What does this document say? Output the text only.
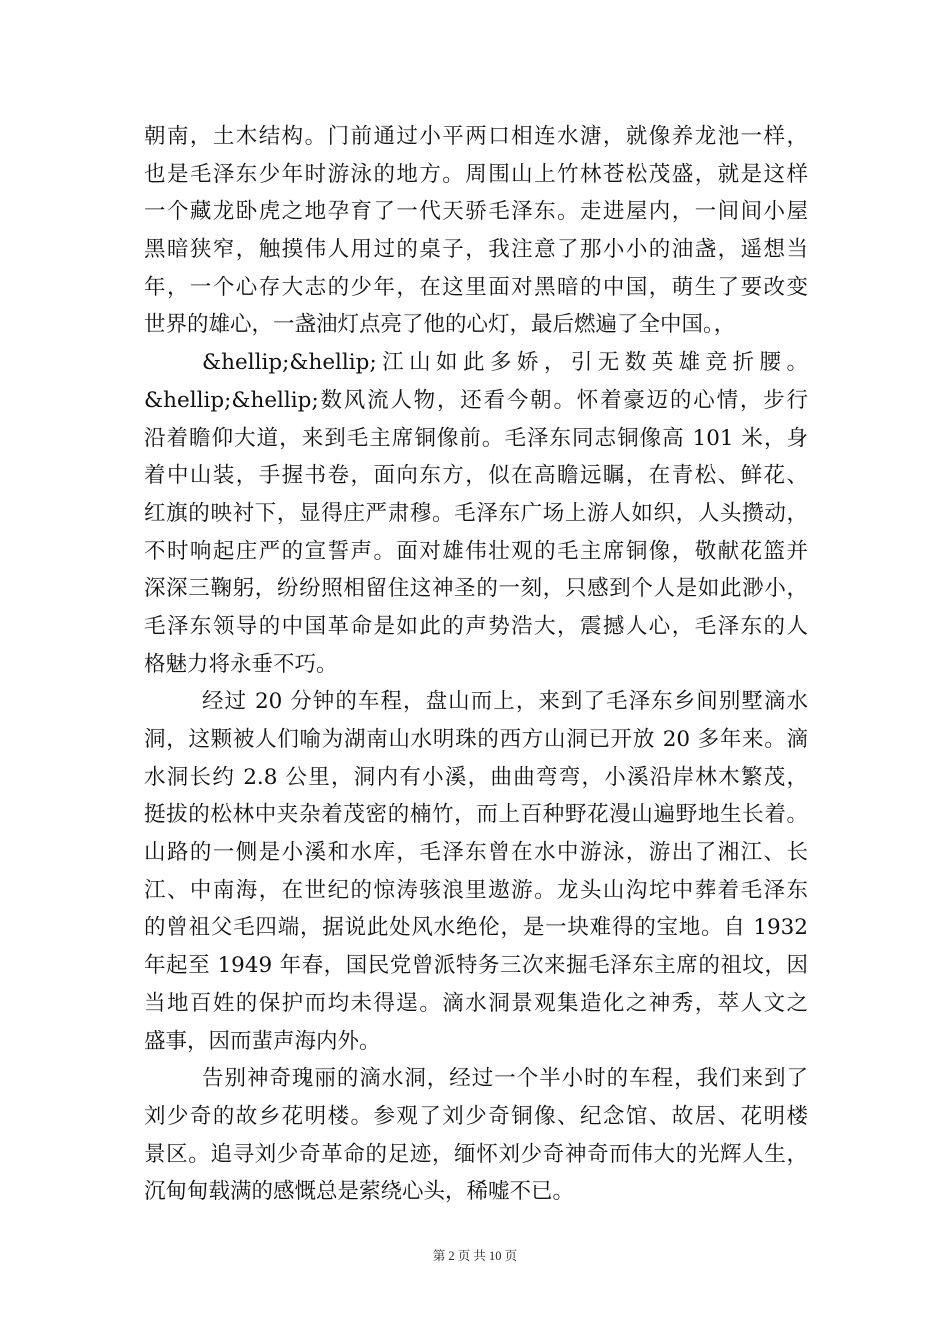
朝南，土木结构。门前通过小平两口相连水溏，就像养龙池一样，
也是毛泽东少年时游泳的地方。周围山上竹林苍松茂盛，就是这样
一个藏龙卧虎之地孕育了一代天骄毛泽东。走进屋内，一间间小屋
黑暗狭窄，触摸伟人用过的桌子，我注意了那小小的油盏，遥想当
年，一个心存大志的少年，在这里面对黑暗的中国，萌生了要改变
世界的雄心，一盏油灯点亮了他的心灯，最后燃遍了全中国。，
&hellip;&hellip;江山如此多娇，引无数英雄竞折腰。
&hellip;&hellip;数风流人物，还看今朝。怀着豪迈的心情，步行
沿着瞻仰大道，来到毛主席铜像前。毛泽东同志铜像高 101 米，身
着中山装，手握书卷，面向东方，似在高瞻远瞩，在青松、鲜花、
红旗的映衬下，显得庄严肃穆。毛泽东广场上游人如织，人头攒动，
不时响起庄严的宣誓声。面对雄伟壮观的毛主席铜像，敬献花篮并
深深三鞠躬，纷纷照相留住这神圣的一刻，只感到个人是如此渺小，
毛泽东领导的中国革命是如此的声势浩大，震撼人心，毛泽东的人
格魅力将永垂不巧。
经过 20 分钟的车程，盘山而上，来到了毛泽东乡间别墅滴水
洞，这颗被人们喻为湖南山水明珠的西方山洞已开放 20 多年来。滴
水洞长约 2.8 公里，洞内有小溪，曲曲弯弯，小溪沿岸林木繁茂，
挺拔的松林中夹杂着茂密的楠竹，而上百种野花漫山遍野地生长着。
山路的一侧是小溪和水库，毛泽东曾在水中游泳，游出了湘江、长
江、中南海，在世纪的惊涛骇浪里遨游。龙头山沟坨中葬着毛泽东
的曾祖父毛四端，据说此处风水绝伦，是一块难得的宝地。自 1932
年起至 1949 年春，国民党曾派特务三次来掘毛泽东主席的祖坟，因
当地百姓的保护而均未得逞。滴水洞景观集造化之神秀，萃人文之
盛事，因而蜚声海内外。
告别神奇瑰丽的滴水洞，经过一个半小时的车程，我们来到了
刘少奇的故乡花明楼。参观了刘少奇铜像、纪念馆、故居、花明楼
景区。追寻刘少奇革命的足迹，缅怀刘少奇神奇而伟大的光辉人生，
沉甸甸载满的感慨总是萦绕心头，稀嘘不已。
第 2 页 共 10 页
